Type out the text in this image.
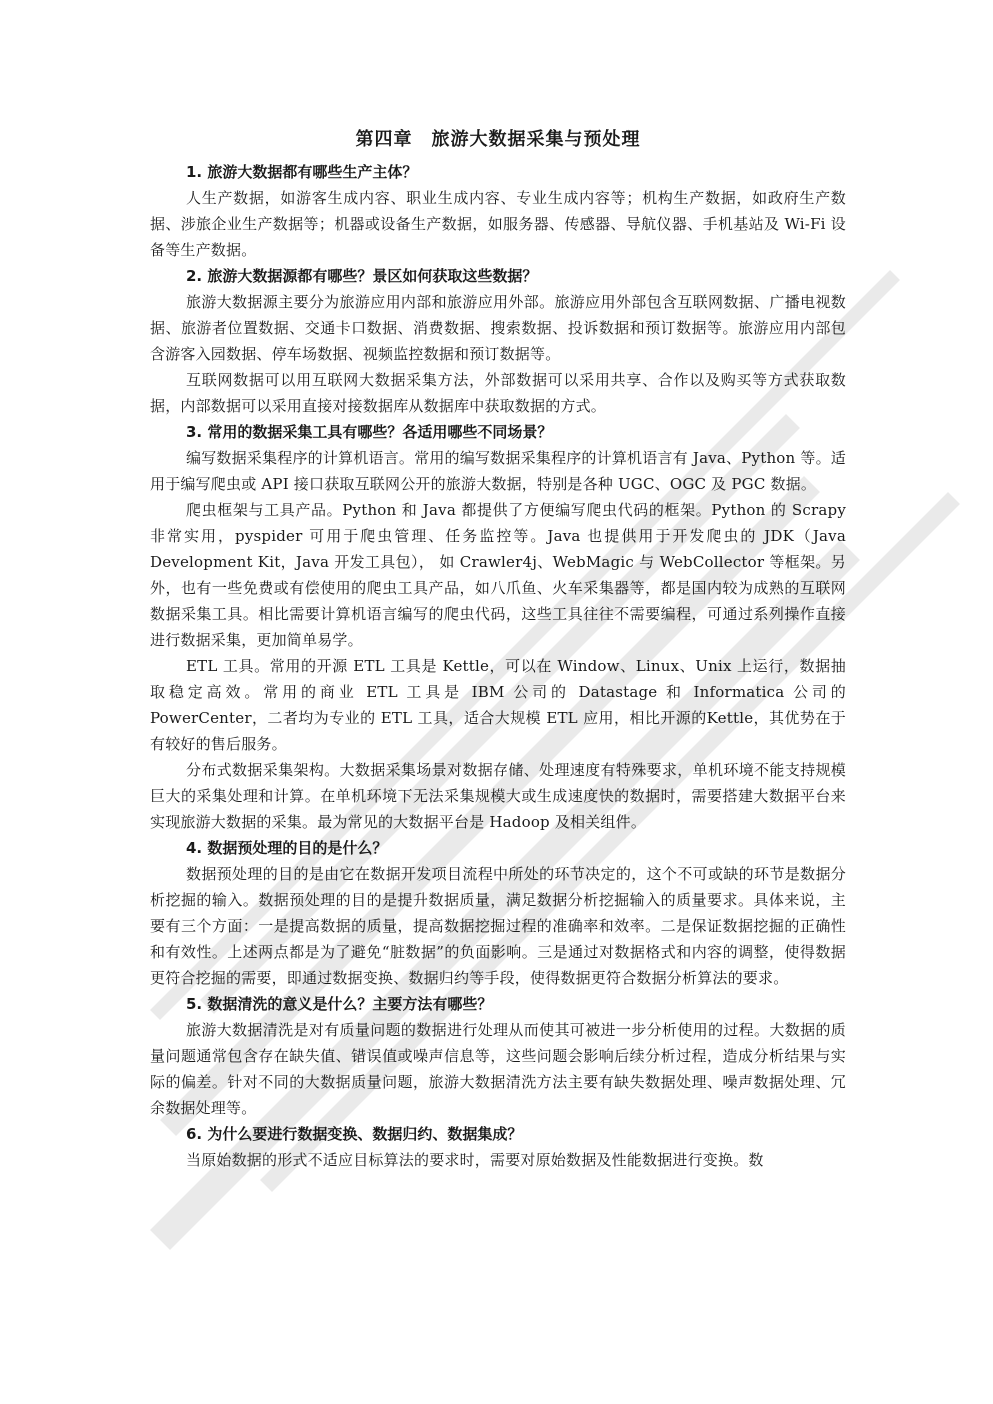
第四章　旅游大数据采集与预处理

1. 旅游大数据都有哪些生产主体？

人生产数据，如游客生成内容、职业生成内容、专业生成内容等；机构生产数据，如政府生产数据、涉旅企业生产数据等；机器或设备生产数据，如服务器、传感器、导航仪器、手机基站及 Wi-Fi 设备等生产数据。

2. 旅游大数据源都有哪些？景区如何获取这些数据？

旅游大数据源主要分为旅游应用内部和旅游应用外部。旅游应用外部包含互联网数据、广播电视数据、旅游者位置数据、交通卡口数据、消费数据、搜索数据、投诉数据和预订数据等。旅游应用内部包含游客入园数据、停车场数据、视频监控数据和预订数据等。

互联网数据可以用互联网大数据采集方法，外部数据可以采用共享、合作以及购买等方式获取数据，内部数据可以采用直接对接数据库从数据库中获取数据的方式。

3. 常用的数据采集工具有哪些？各适用哪些不同场景？

编写数据采集程序的计算机语言。常用的编写数据采集程序的计算机语言有 Java、Python 等。适用于编写爬虫或 API 接口获取互联网公开的旅游大数据，特别是各种 UGC、OGC 及 PGC 数据。

爬虫框架与工具产品。Python 和 Java 都提供了方便编写爬虫代码的框架。Python 的 Scrapy 非常实用，pyspider 可用于爬虫管理、任务监控等。Java 也提供用于开发爬虫的 JDK（Java Development Kit，Java 开发工具包）， 如 Crawler4j、WebMagic 与 WebCollector 等框架。另外，也有一些免费或有偿使用的爬虫工具产品，如八爪鱼、火车采集器等，都是国内较为成熟的互联网数据采集工具。相比需要计算机语言编写的爬虫代码，这些工具往往不需要编程，可通过系列操作直接进行数据采集，更加简单易学。

ETL 工具。常用的开源 ETL 工具是 Kettle，可以在 Window、Linux、Unix 上运行，数据抽取稳定高效。常用的商业 ETL 工具是 IBM 公司的 Datastage 和 Informatica 公司的 PowerCenter，二者均为专业的 ETL 工具，适合大规模 ETL 应用，相比开源的Kettle，其优势在于有较好的售后服务。

分布式数据采集架构。大数据采集场景对数据存储、处理速度有特殊要求，单机环境不能支持规模巨大的采集处理和计算。在单机环境下无法采集规模大或生成速度快的数据时，需要搭建大数据平台来实现旅游大数据的采集。最为常见的大数据平台是 Hadoop 及相关组件。

4. 数据预处理的目的是什么？

数据预处理的目的是由它在数据开发项目流程中所处的环节决定的，这个不可或缺的环节是数据分析挖掘的输入。数据预处理的目的是提升数据质量，满足数据分析挖掘输入的质量要求。具体来说，主要有三个方面：一是提高数据的质量，提高数据挖掘过程的准确率和效率。二是保证数据挖掘的正确性和有效性。上述两点都是为了避免“脏数据”的负面影响。三是通过对数据格式和内容的调整，使得数据更符合挖掘的需要，即通过数据变换、数据归约等手段，使得数据更符合数据分析算法的要求。

5. 数据清洗的意义是什么？主要方法有哪些？

旅游大数据清洗是对有质量问题的数据进行处理从而使其可被进一步分析使用的过程。大数据的质量问题通常包含存在缺失值、错误值或噪声信息等，这些问题会影响后续分析过程，造成分析结果与实际的偏差。针对不同的大数据质量问题，旅游大数据清洗方法主要有缺失数据处理、噪声数据处理、冗余数据处理等。

6. 为什么要进行数据变换、数据归约、数据集成？

当原始数据的形式不适应目标算法的要求时，需要对原始数据及性能数据进行变换。数
